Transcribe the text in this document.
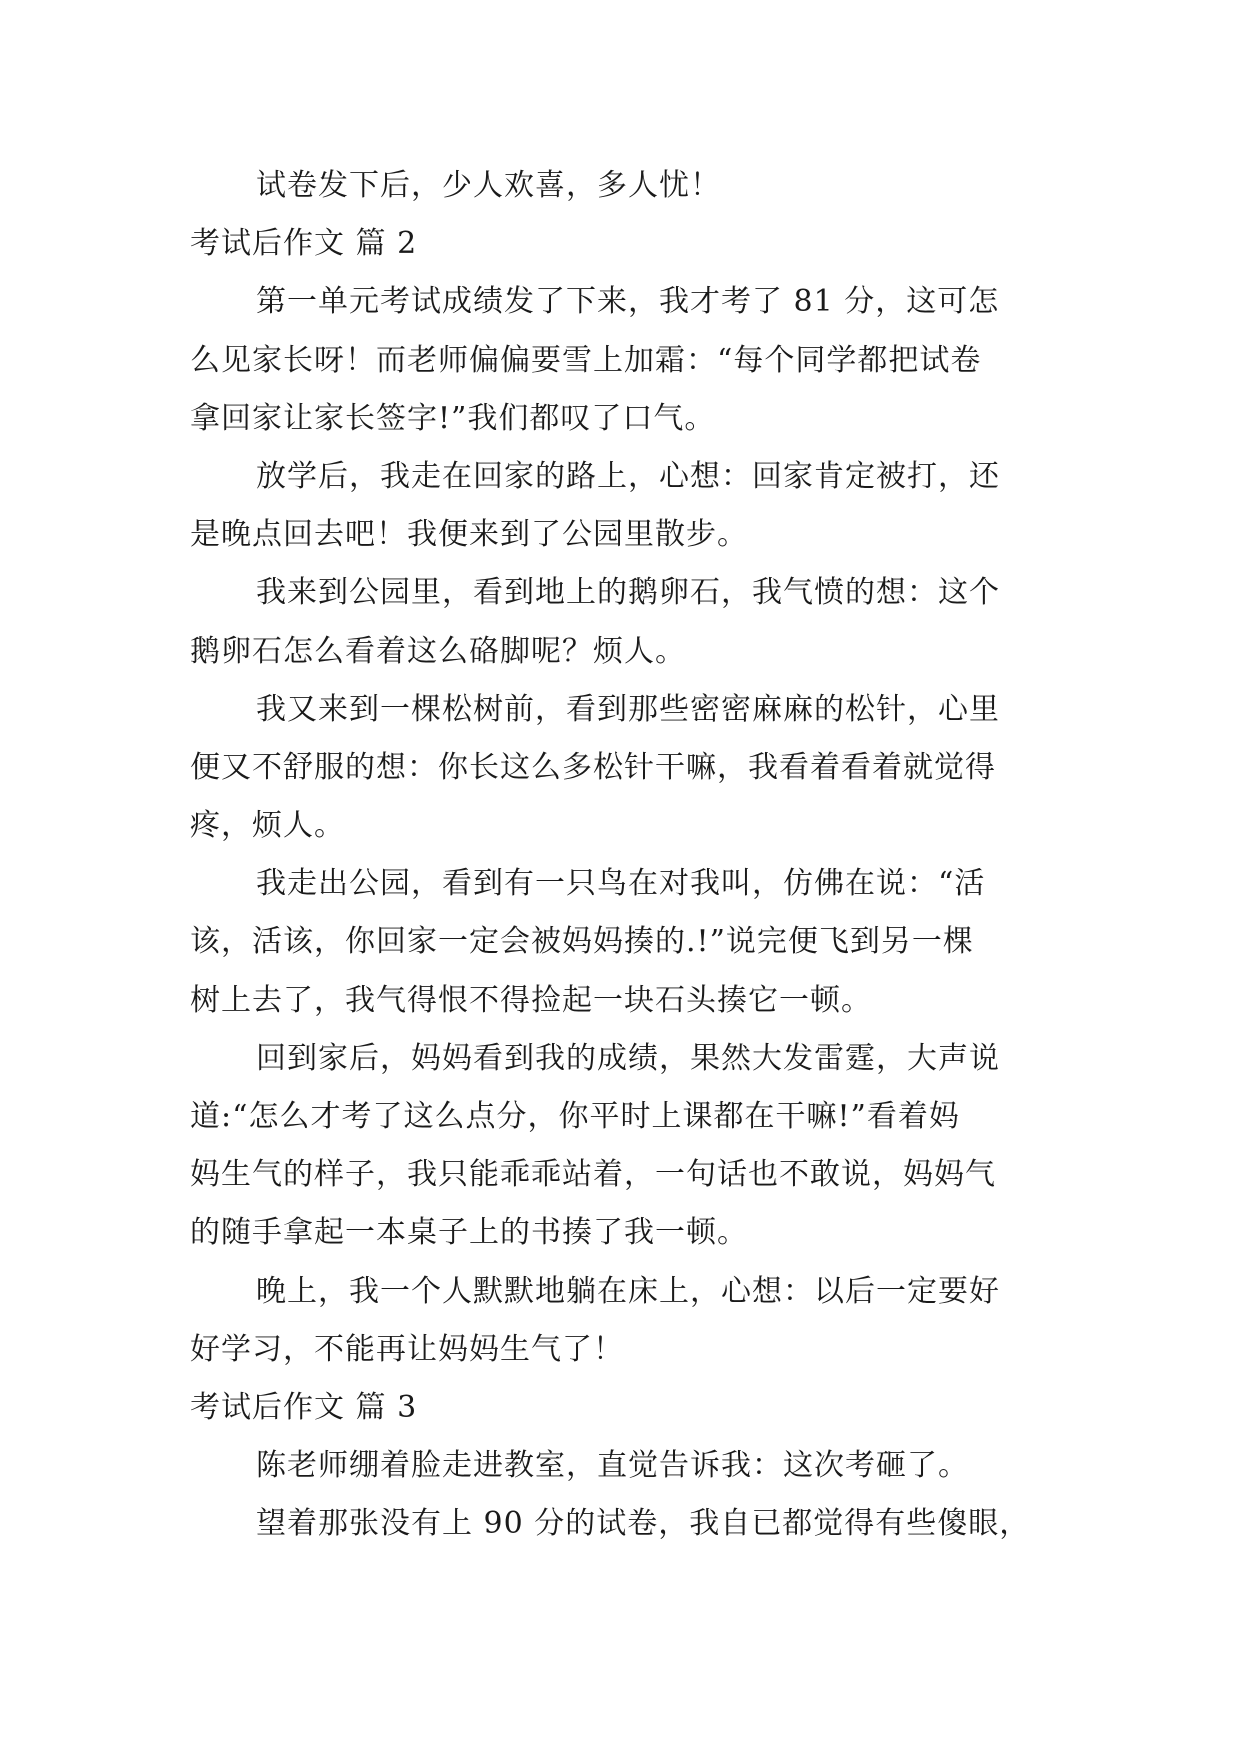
试卷发下后，少人欢喜，多人忧！
考试后作文 篇 2
第一单元考试成绩发了下来，我才考了 81 分，这可怎
么见家长呀！而老师偏偏要雪上加霜：“每个同学都把试卷
拿回家让家长签字!”我们都叹了口气。
放学后，我走在回家的路上，心想：回家肯定被打，还
是晚点回去吧！我便来到了公园里散步。
我来到公园里，看到地上的鹅卵石，我气愤的想：这个
鹅卵石怎么看着这么硌脚呢？烦人。
我又来到一棵松树前，看到那些密密麻麻的松针，心里
便又不舒服的想：你长这么多松针干嘛，我看着看着就觉得
疼，烦人。
我走出公园，看到有一只鸟在对我叫，仿佛在说：“活
该，活该，你回家一定会被妈妈揍的.!”说完便飞到另一棵
树上去了，我气得恨不得捡起一块石头揍它一顿。
回到家后，妈妈看到我的成绩，果然大发雷霆，大声说
道:“怎么才考了这么点分，你平时上课都在干嘛!”看着妈
妈生气的样子，我只能乖乖站着，一句话也不敢说，妈妈气
的随手拿起一本桌子上的书揍了我一顿。
晚上，我一个人默默地躺在床上，心想：以后一定要好
好学习，不能再让妈妈生气了！
考试后作文 篇 3
陈老师绷着脸走进教室，直觉告诉我：这次考砸了。
望着那张没有上 90 分的试卷，我自已都觉得有些傻眼，
